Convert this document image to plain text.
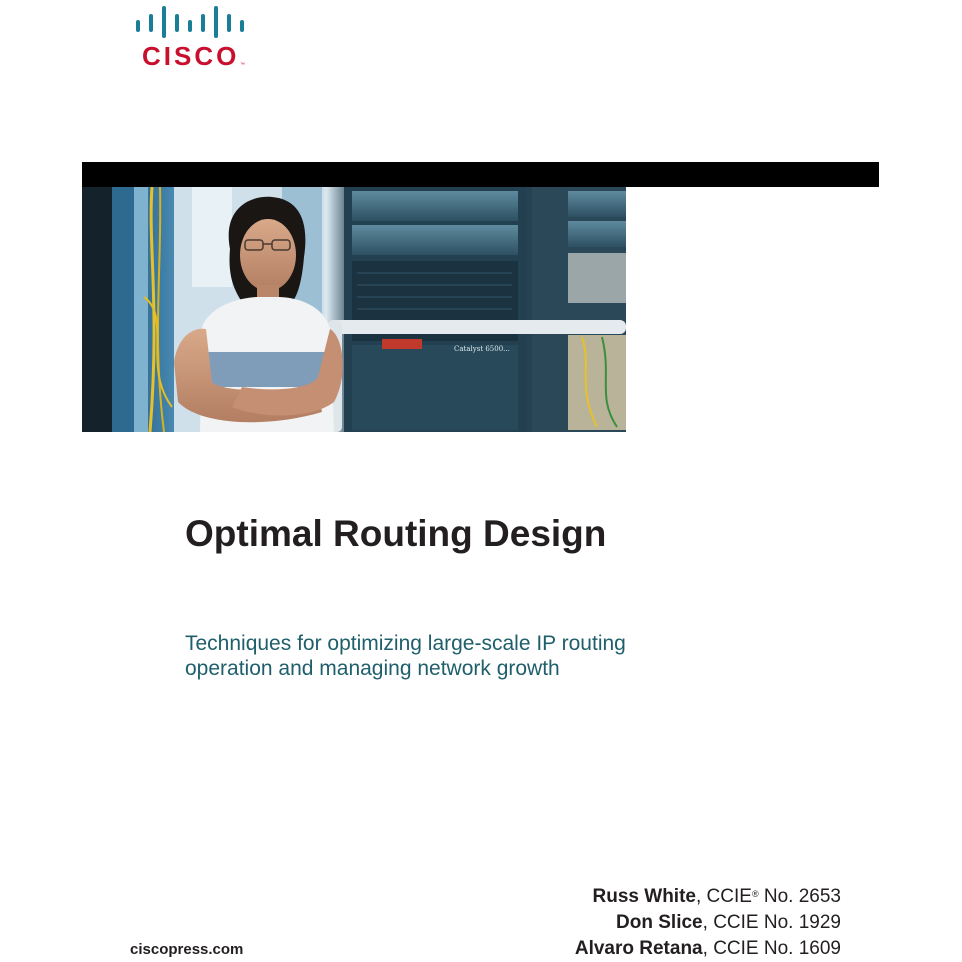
CISCO ™
Catalyst 6500...
Optimal Routing Design

Techniques for optimizing large-scale IP routing
operation and managing network growth

Russ White, CCIE® No. 2653
Don Slice, CCIE No. 1929
Alvaro Retana, CCIE No. 1609
ciscopress.com
